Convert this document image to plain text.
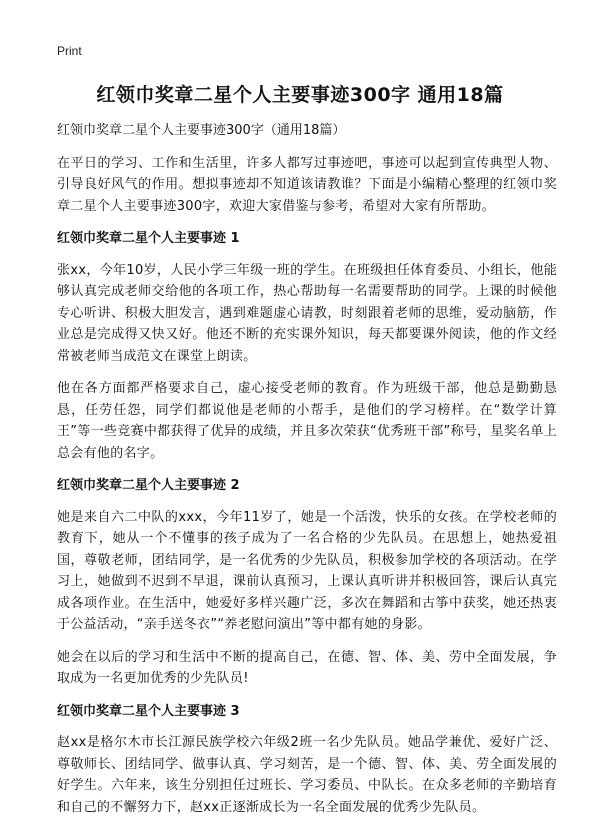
Print
红领巾奖章二星个人主要事迹300字 通用18篇

红领巾奖章二星个人主要事迹300字（通用18篇）

在平日的学习、工作和生活里，许多人都写过事迹吧，事迹可以起到宣传典型人物、引导良好风气的作用。想拟事迹却不知道该请教谁？下面是小编精心整理的红领巾奖章二星个人主要事迹300字，欢迎大家借鉴与参考，希望对大家有所帮助。

红领巾奖章二星个人主要事迹 1

张xx，今年10岁，人民小学三年级一班的学生。在班级担任体育委员、小组长，他能够认真完成老师交给他的各项工作，热心帮助每一名需要帮助的同学。上课的时候他专心听讲、积极大胆发言，遇到难题虚心请教，时刻跟着老师的思维，爱动脑筋，作业总是完成得又快又好。他还不断的充实课外知识，每天都要课外阅读，他的作文经常被老师当成范文在课堂上朗读。

他在各方面都严格要求自己，虚心接受老师的教育。作为班级干部，他总是勤勤恳恳，任劳任怨，同学们都说他是老师的小帮手，是他们的学习榜样。在“数学计算王”等一些竞赛中都获得了优异的成绩，并且多次荣获“优秀班干部”称号，星奖名单上总会有他的名字。

红领巾奖章二星个人主要事迹 2

她是来自六二中队的xxx，今年11岁了，她是一个活泼，快乐的女孩。在学校老师的教育下，她从一个不懂事的孩子成为了一名合格的少先队员。在思想上，她热爱祖国，尊敬老师，团结同学，是一名优秀的少先队员，积极参加学校的各项活动。在学习上，她做到不迟到不早退，课前认真预习，上课认真听讲并积极回答，课后认真完成各项作业。在生活中，她爱好多样兴趣广泛，多次在舞蹈和古筝中获奖，她还热衷于公益活动，“亲手送冬衣”“养老慰问演出”等中都有她的身影。

她会在以后的学习和生活中不断的提高自己，在德、智、体、美、劳中全面发展，争取成为一名更加优秀的少先队员!

红领巾奖章二星个人主要事迹 3

赵xx是格尔木市长江源民族学校六年级2班一名少先队员。她品学兼优、爱好广泛、尊敬师长、团结同学、做事认真、学习刻苦，是一个德、智、体、美、劳全面发展的好学生。六年来，该生分别担任过班长、学习委员、中队长。在众多老师的辛勤培育和自己的不懈努力下，赵xx正逐渐成长为一名全面发展的优秀少先队员。
